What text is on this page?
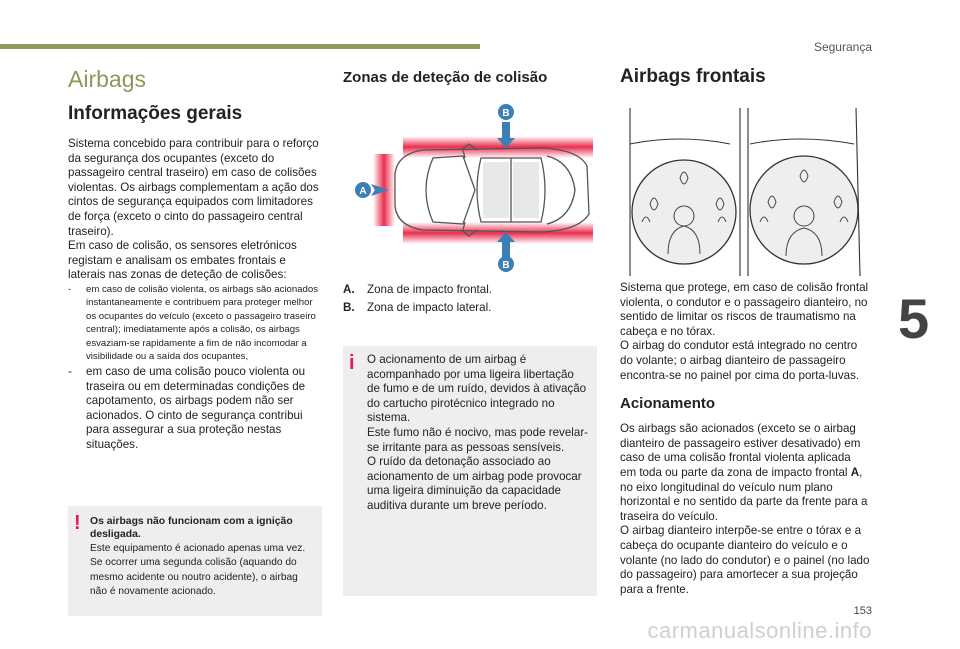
Segurança
5
Airbags
Informações gerais

Sistema concebido para contribuir para o reforço da segurança dos ocupantes (exceto do passageiro central traseiro) em caso de colisões violentas. Os airbags complementam a ação dos cintos de segurança equipados com limitadores de força (exceto o cinto do passageiro central traseiro).

Em caso de colisão, os sensores eletrónicos registam e analisam os embates frontais e laterais nas zonas de deteção de colisões:

- em caso de colisão violenta, os airbags são acionados instantaneamente e contribuem para proteger melhor os ocupantes do veículo (exceto o passageiro traseiro central); imediatamente após a colisão, os airbags esvaziam-se rapidamente a fim de não incomodar a visibilidade ou a saída dos ocupantes,
- em caso de uma colisão pouco violenta ou traseira ou em determinadas condições de capotamento, os airbags podem não ser acionados. O cinto de segurança contribui para assegurar a sua proteção nestas situações.
! Os airbags não funcionam com a ignição desligada.
Este equipamento é acionado apenas uma vez. Se ocorrer uma segunda colisão (aquando do mesmo acidente ou noutro acidente), o airbag não é novamente acionado.
Zonas de deteção de colisão
A
B
B
A. Zona de impacto frontal.
B. Zona de impacto lateral.
i O acionamento de um airbag é acompanhado por uma ligeira libertação de fumo e de um ruído, devidos à ativação do cartucho pirotécnico integrado no sistema.

Este fumo não é nocivo, mas pode revelar-se irritante para as pessoas sensíveis.

O ruído da detonação associado ao acionamento de um airbag pode provocar uma ligeira diminuição da capacidade auditiva durante um breve período.

Airbags frontais

Sistema que protege, em caso de colisão frontal violenta, o condutor e o passageiro dianteiro, no sentido de limitar os riscos de traumatismo na cabeça e no tórax.

O airbag do condutor está integrado no centro do volante; o airbag dianteiro de passageiro encontra-se no painel por cima do porta-luvas.

Acionamento

Os airbags são acionados (exceto se o airbag dianteiro de passageiro estiver desativado) em caso de uma colisão frontal violenta aplicada em toda ou parte da zona de impacto frontal A, no eixo longitudinal do veículo num plano horizontal e no sentido da parte da frente para a traseira do veículo.

O airbag dianteiro interpõe-se entre o tórax e a cabeça do ocupante dianteiro do veículo e o volante (no lado do condutor) e o painel (no lado do passageiro) para amortecer a sua projeção para a frente.

153
carmanualsonline.info
